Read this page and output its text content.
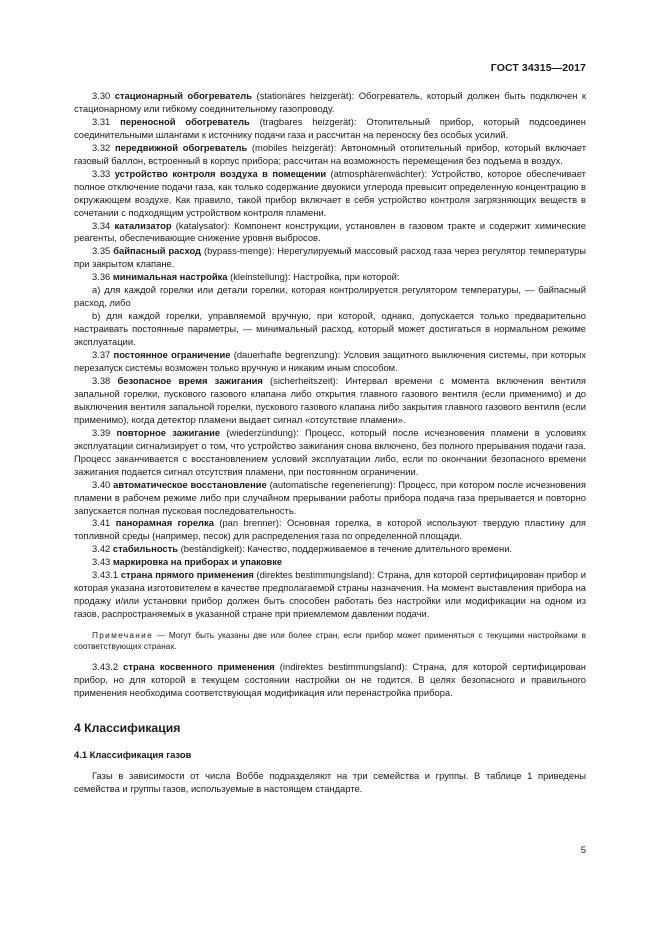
ГОСТ 34315—2017

3.30 стационарный обогреватель (stationäres heizgerät): Обогреватель, который должен быть подключен к стационарному или гибкому соединительному газопроводу.

3.31 переносной обогреватель (tragbares heizgerät): Отопительный прибор, который подсоединен соединительными шлангами к источнику подачи газа и рассчитан на переноску без особых усилий.

3.32 передвижной обогреватель (mobiles heizgerät): Автономный отопительный прибор, который включает газовый баллон, встроенный в корпус прибора; рассчитан на возможность перемещения без подъема в воздух.

3.33 устройство контроля воздуха в помещении (atmosphärenwächter): Устройство, которое обеспечивает полное отключение подачи газа, как только содержание двуокиси углерода превысит определенную концентрацию в окружающем воздухе. Как правило, такой прибор включает в себя устройство контроля загрязняющих веществ в сочетании с подходящим устройством контроля пламени.

3.34 катализатор (katalysator): Компонент конструкции, установлен в газовом тракте и содержит химические реагенты, обеспечивающие снижение уровня выбросов.

3.35 байпасный расход (bypass-menge): Нерегулируемый массовый расход газа через регулятор температуры при закрытом клапане.

3.36 минимальная настройка (kleinstellung): Настройка, при которой:

a) для каждой горелки или детали горелки, которая контролируется регулятором температуры, — байпасный расход, либо

b) для каждой горелки, управляемой вручную, при которой, однако, допускается только предварительно настраивать постоянные параметры, — минимальный расход, который может достигаться в нормальном режиме эксплуатации.

3.37 постоянное ограничение (dauerhafte begrenzung): Условия защитного выключения системы, при которых перезапуск системы возможен только вручную и никаким иным способом.

3.38 безопасное время зажигания (sicherheitszeit): Интервал времени с момента включения вентиля запальной горелки, пускового газового клапана либо открытия главного газового вентиля (если применимо) и до выключения вентиля запальной горелки, пускового газового клапана либо закрытия главного газового вентиля (если применимо), когда детектор пламени выдает сигнал «отсутствие пламени».

3.39 повторное зажигание (wiederzündung): Процесс, который после исчезновения пламени в условиях эксплуатации сигнализирует о том, что устройство зажигания снова включено, без полного прерывания подачи газа. Процесс заканчивается с восстановлением условий эксплуатации либо, если по окончании безопасного времени зажигания подается сигнал отсутствия пламени, при постоянном ограничении.

3.40 автоматическое восстановление (automatische regenerierung): Процесс, при котором после исчезновения пламени в рабочем режиме либо при случайном прерывании работы прибора подача газа прерывается и повторно запускается полная пусковая последовательность.

3.41 панорамная горелка (pan brenner): Основная горелка, в которой используют твердую пластину для топливной среды (например, песок) для распределения газа по определенной площади.

3.42 стабильность (beständigkeit): Качество, поддерживаемое в течение длительного времени.

3.43 маркировка на приборах и упаковке

3.43.1 страна прямого применения (direktes bestimmungsland): Страна, для которой сертифицирован прибор и которая указана изготовителем в качестве предполагаемой страны назначения. На момент выставления прибора на продажу и/или установки прибор должен быть способен работать без настройки или модификации на одном из газов, распространяемых в указанной стране при приемлемом давлении подачи.

Примечание — Могут быть указаны две или более стран, если прибор может применяться с текущими настройками в соответствующих странах.

3.43.2 страна косвенного применения (indirektes bestimmungsland): Страна, для которой сертифицирован прибор, но для которой в текущем состоянии настройки он не годится. В целях безопасного и правильного применения необходима соответствующая модификация или перенастройка прибора.

4 Классификация
4.1 Классификация газов

Газы в зависимости от числа Воббе подразделяют на три семейства и группы. В таблице 1 приведены семейства и группы газов, используемые в настоящем стандарте.

5
